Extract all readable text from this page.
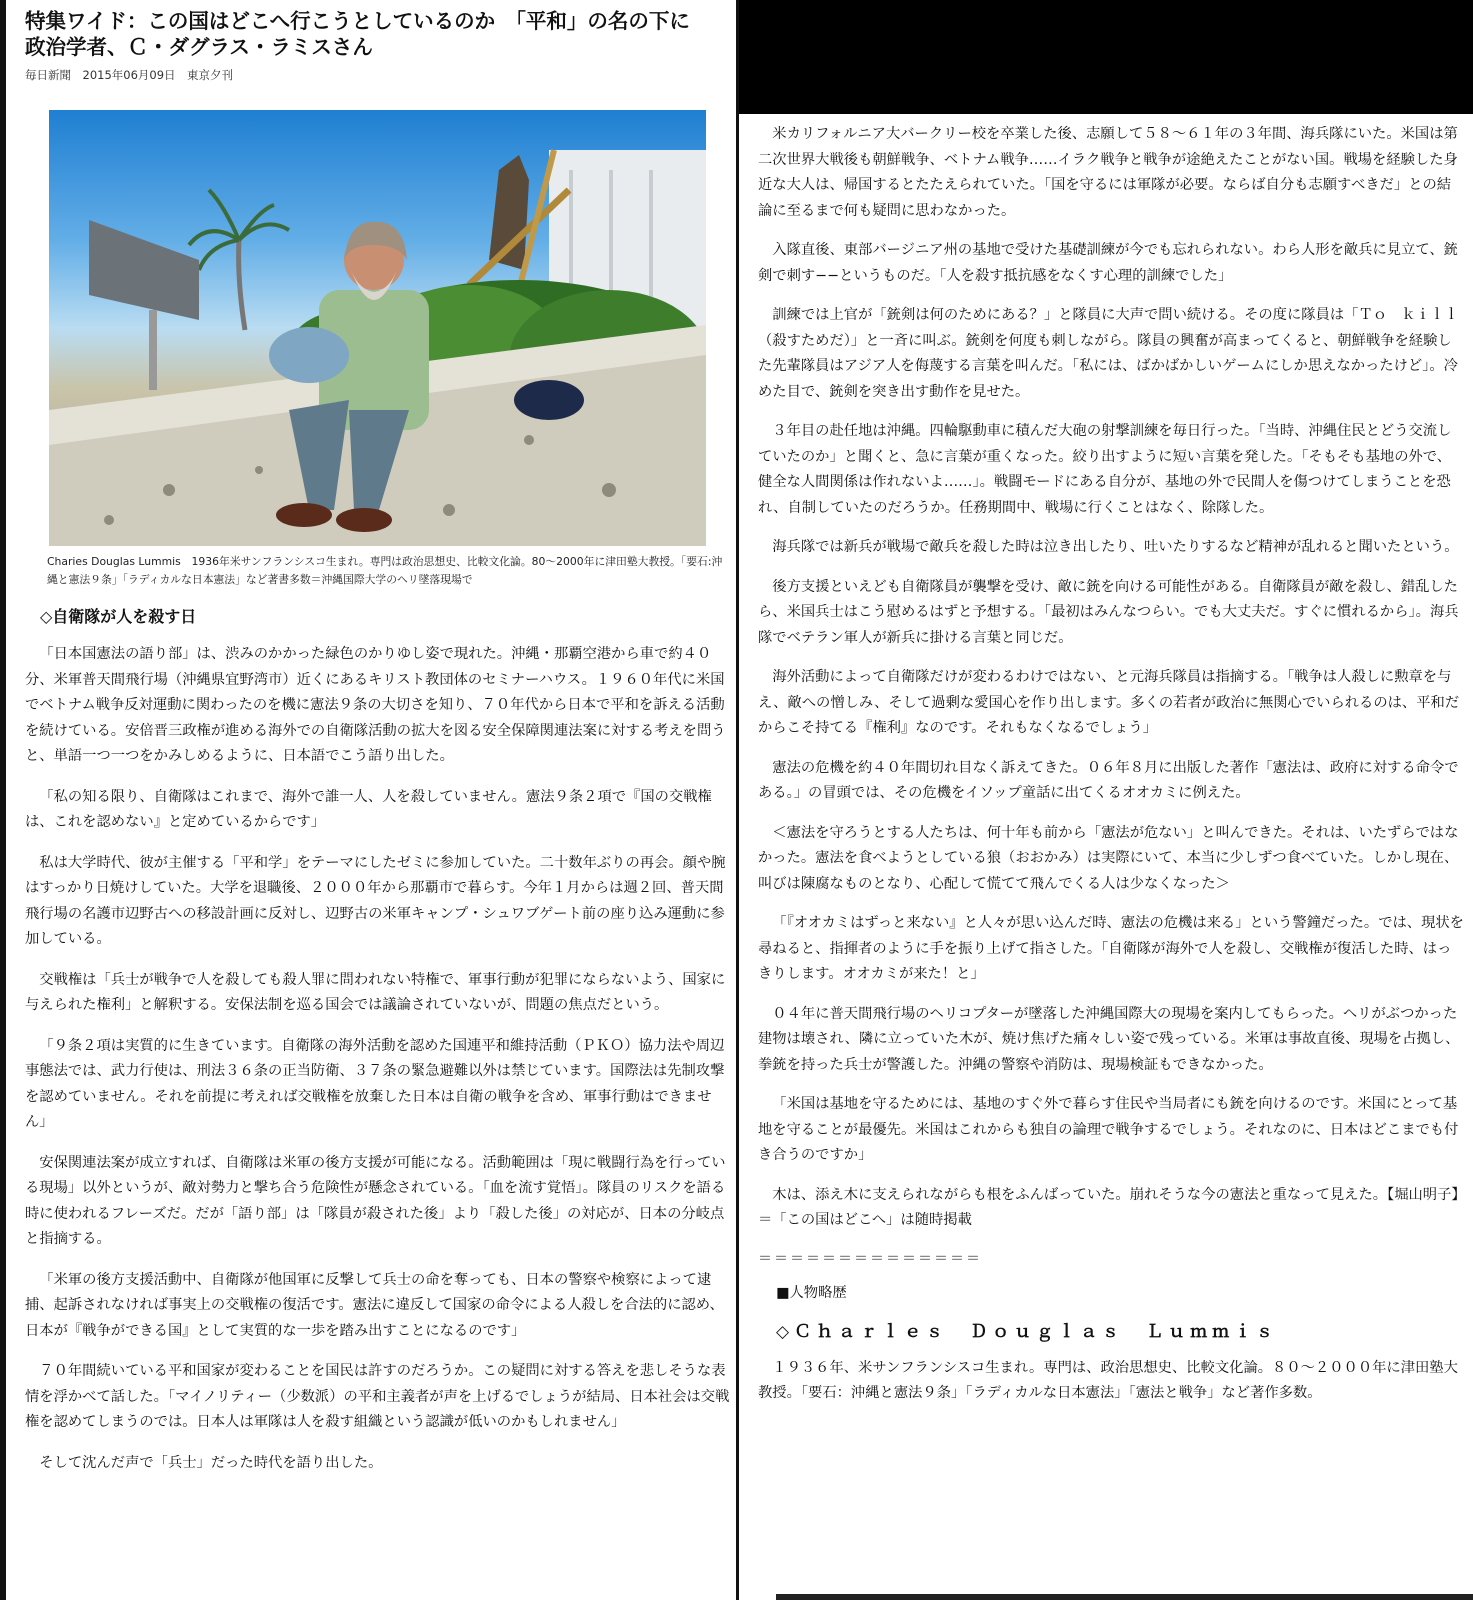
特集ワイド：この国はどこへ行こうとしているのか　「平和」の名の下に　政治学者、Ｃ・ダグラス・ラミスさん
毎日新聞　2015年06月09日　東京夕刊
Charies Douglas Lummis　1936年米サンフランシスコ生まれ。専門は政治思想史、比較文化論。80～2000年に津田塾大教授。「要石:沖縄と憲法９条」「ラディカルな日本憲法」など著書多数＝沖縄国際大学のヘリ墜落現場で
◇自衛隊が人を殺す日

「日本国憲法の語り部」は、渋みのかかった緑色のかりゆし姿で現れた。沖縄・那覇空港から車で約４０分、米軍普天間飛行場（沖縄県宜野湾市）近くにあるキリスト教団体のセミナーハウス。１９６０年代に米国でベトナム戦争反対運動に関わったのを機に憲法９条の大切さを知り、７０年代から日本で平和を訴える活動を続けている。安倍晋三政権が進める海外での自衛隊活動の拡大を図る安全保障関連法案に対する考えを問うと、単語一つ一つをかみしめるように、日本語でこう語り出した。

「私の知る限り、自衛隊はこれまで、海外で誰一人、人を殺していません。憲法９条２項で『国の交戦権は、これを認めない』と定めているからです」

私は大学時代、彼が主催する「平和学」をテーマにしたゼミに参加していた。二十数年ぶりの再会。顔や腕はすっかり日焼けしていた。大学を退職後、２０００年から那覇市で暮らす。今年１月からは週２回、普天間飛行場の名護市辺野古への移設計画に反対し、辺野古の米軍キャンプ・シュワブゲート前の座り込み運動に参加している。

交戦権は「兵士が戦争で人を殺しても殺人罪に問われない特権で、軍事行動が犯罪にならないよう、国家に与えられた権利」と解釈する。安保法制を巡る国会では議論されていないが、問題の焦点だという。

「９条２項は実質的に生きています。自衛隊の海外活動を認めた国連平和維持活動（ＰＫＯ）協力法や周辺事態法では、武力行使は、刑法３６条の正当防衛、３７条の緊急避難以外は禁じています。国際法は先制攻撃を認めていません。それを前提に考えれば交戦権を放棄した日本は自衛の戦争を含め、軍事行動はできません」

安保関連法案が成立すれば、自衛隊は米軍の後方支援が可能になる。活動範囲は「現に戦闘行為を行っている現場」以外というが、敵対勢力と撃ち合う危険性が懸念されている。「血を流す覚悟」。隊員のリスクを語る時に使われるフレーズだ。だが「語り部」は「隊員が殺された後」より「殺した後」の対応が、日本の分岐点と指摘する。

「米軍の後方支援活動中、自衛隊が他国軍に反撃して兵士の命を奪っても、日本の警察や検察によって逮捕、起訴されなければ事実上の交戦権の復活です。憲法に違反して国家の命令による人殺しを合法的に認め、日本が『戦争ができる国』として実質的な一歩を踏み出すことになるのです」

７０年間続いている平和国家が変わることを国民は許すのだろうか。この疑問に対する答えを悲しそうな表情を浮かべて話した。「マイノリティー（少数派）の平和主義者が声を上げるでしょうが結局、日本社会は交戦権を認めてしまうのでは。日本人は軍隊は人を殺す組織という認識が低いのかもしれません」

そして沈んだ声で「兵士」だった時代を語り出した。

米カリフォルニア大バークリー校を卒業した後、志願して５８～６１年の３年間、海兵隊にいた。米国は第二次世界大戦後も朝鮮戦争、ベトナム戦争……イラク戦争と戦争が途絶えたことがない国。戦場を経験した身近な大人は、帰国するとたたえられていた。「国を守るには軍隊が必要。ならば自分も志願すべきだ」との結論に至るまで何も疑問に思わなかった。

入隊直後、東部バージニア州の基地で受けた基礎訓練が今でも忘れられない。わら人形を敵兵に見立て、銃剣で刺す−−というものだ。「人を殺す抵抗感をなくす心理的訓練でした」

訓練では上官が「銃剣は何のためにある？」と隊員に大声で問い続ける。その度に隊員は「Ｔｏ　ｋｉｌｌ（殺すためだ）」と一斉に叫ぶ。銃剣を何度も刺しながら。隊員の興奮が高まってくると、朝鮮戦争を経験した先輩隊員はアジア人を侮蔑する言葉を叫んだ。「私には、ばかばかしいゲームにしか思えなかったけど」。冷めた目で、銃剣を突き出す動作を見せた。

３年目の赴任地は沖縄。四輪駆動車に積んだ大砲の射撃訓練を毎日行った。「当時、沖縄住民とどう交流していたのか」と聞くと、急に言葉が重くなった。絞り出すように短い言葉を発した。「そもそも基地の外で、健全な人間関係は作れないよ……」。戦闘モードにある自分が、基地の外で民間人を傷つけてしまうことを恐れ、自制していたのだろうか。任務期間中、戦場に行くことはなく、除隊した。

海兵隊では新兵が戦場で敵兵を殺した時は泣き出したり、吐いたりするなど精神が乱れると聞いたという。

後方支援といえども自衛隊員が襲撃を受け、敵に銃を向ける可能性がある。自衛隊員が敵を殺し、錯乱したら、米国兵士はこう慰めるはずと予想する。「最初はみんなつらい。でも大丈夫だ。すぐに慣れるから」。海兵隊でベテラン軍人が新兵に掛ける言葉と同じだ。

海外活動によって自衛隊だけが変わるわけではない、と元海兵隊員は指摘する。「戦争は人殺しに勲章を与え、敵への憎しみ、そして過剰な愛国心を作り出します。多くの若者が政治に無関心でいられるのは、平和だからこそ持てる『権利』なのです。それもなくなるでしょう」

憲法の危機を約４０年間切れ目なく訴えてきた。０６年８月に出版した著作「憲法は、政府に対する命令である。」の冒頭では、その危機をイソップ童話に出てくるオオカミに例えた。

＜憲法を守ろうとする人たちは、何十年も前から「憲法が危ない」と叫んできた。それは、いたずらではなかった。憲法を食べようとしている狼（おおかみ）は実際にいて、本当に少しずつ食べていた。しかし現在、叫びは陳腐なものとなり、心配して慌てて飛んでくる人は少なくなった＞

「『オオカミはずっと来ない』と人々が思い込んだ時、憲法の危機は来る」という警鐘だった。では、現状を尋ねると、指揮者のように手を振り上げて指さした。「自衛隊が海外で人を殺し、交戦権が復活した時、はっきりします。オオカミが来た！と」

０４年に普天間飛行場のヘリコプターが墜落した沖縄国際大の現場を案内してもらった。ヘリがぶつかった建物は壊され、隣に立っていた木が、焼け焦げた痛々しい姿で残っている。米軍は事故直後、現場を占拠し、拳銃を持った兵士が警護した。沖縄の警察や消防は、現場検証もできなかった。

「米国は基地を守るためには、基地のすぐ外で暮らす住民や当局者にも銃を向けるのです。米国にとって基地を守ることが最優先。米国はこれからも独自の論理で戦争するでしょう。それなのに、日本はどこまでも付き合うのですか」

木は、添え木に支えられながらも根をふんばっていた。崩れそうな今の憲法と重なって見えた。【堀山明子】＝「この国はどこへ」は随時掲載

＝＝＝＝＝＝＝＝＝＝＝＝＝＝
■人物略歴
◇Ｃｈａｒｌｅｓ　Ｄｏｕｇｌａｓ　Ｌｕｍｍｉｓ

１９３６年、米サンフランシスコ生まれ。専門は、政治思想史、比較文化論。８０～２０００年に津田塾大教授。「要石：沖縄と憲法９条」「ラディカルな日本憲法」「憲法と戦争」など著作多数。
